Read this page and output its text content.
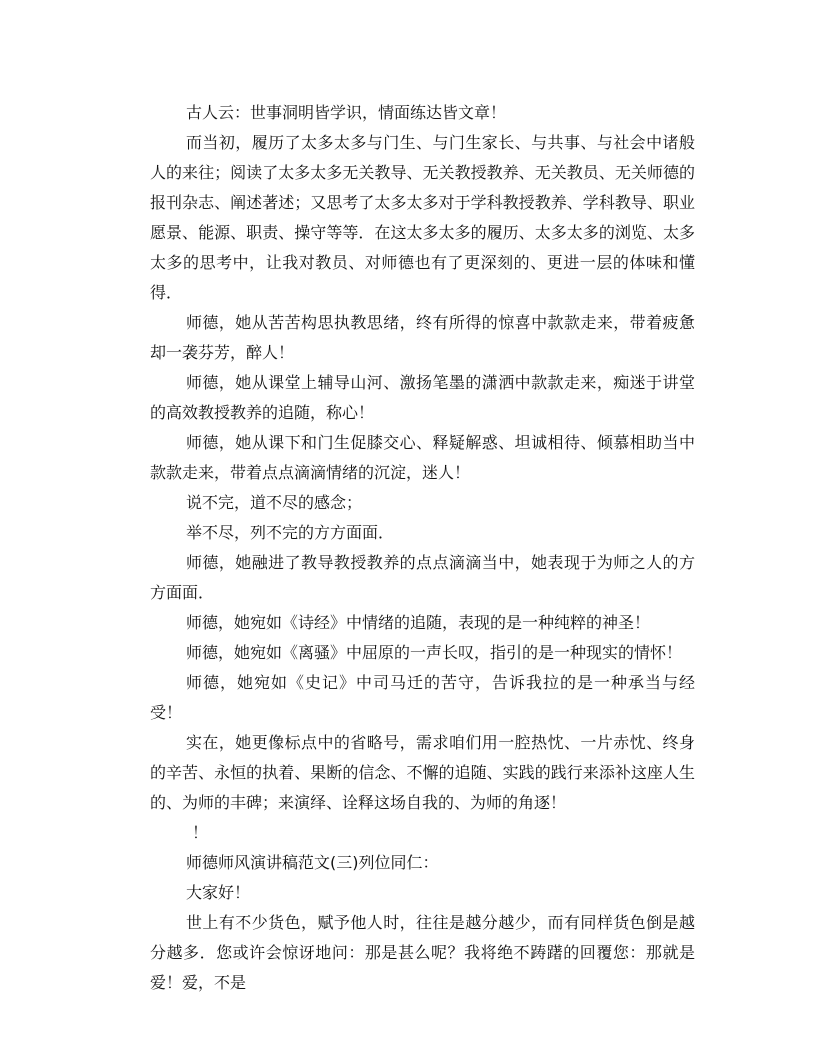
古人云：世事洞明皆学识，情面练达皆文章！

而当初，履历了太多太多与门生、与门生家长、与共事、与社会中诸般人的来往；阅读了太多太多无关教导、无关教授教养、无关教员、无关师德的报刊杂志、阐述著述；又思考了太多太多对于学科教授教养、学科教导、职业愿景、能源、职责、操守等等．在这太多太多的履历、太多太多的浏览、太多太多的思考中，让我对教员、对师德也有了更深刻的、更进一层的体味和懂得．

师德，她从苦苦构思执教思绪，终有所得的惊喜中款款走来，带着疲惫却一袭芬芳，醉人！

师德，她从课堂上辅导山河、激扬笔墨的潇洒中款款走来，痴迷于讲堂的高效教授教养的追随，称心！

师德，她从课下和门生促膝交心、释疑解惑、坦诚相待、倾慕相助当中款款走来，带着点点滴滴情绪的沉淀，迷人！

说不完，道不尽的感念；

举不尽，列不完的方方面面．

师德，她融进了教导教授教养的点点滴滴当中，她表现于为师之人的方方面面．

师德，她宛如《诗经》中情绪的追随，表现的是一种纯粹的神圣！

师德，她宛如《离骚》中屈原的一声长叹，指引的是一种现实的情怀！

师德，她宛如《史记》中司马迁的苦守，告诉我拉的是一种承当与经受！

实在，她更像标点中的省略号，需求咱们用一腔热忱、一片赤忱、终身的辛苦、永恒的执着、果断的信念、不懈的追随、实践的践行来添补这座人生的、为师的丰碑；来演绎、诠释这场自我的、为师的角逐！

！

师德师风演讲稿范文(三)列位同仁：

大家好！

世上有不少货色，赋予他人时，往往是越分越少，而有同样货色倒是越分越多．您或许会惊讶地问：那是甚么呢？我将绝不踌躇的回覆您：那就是爱！爱，不是
